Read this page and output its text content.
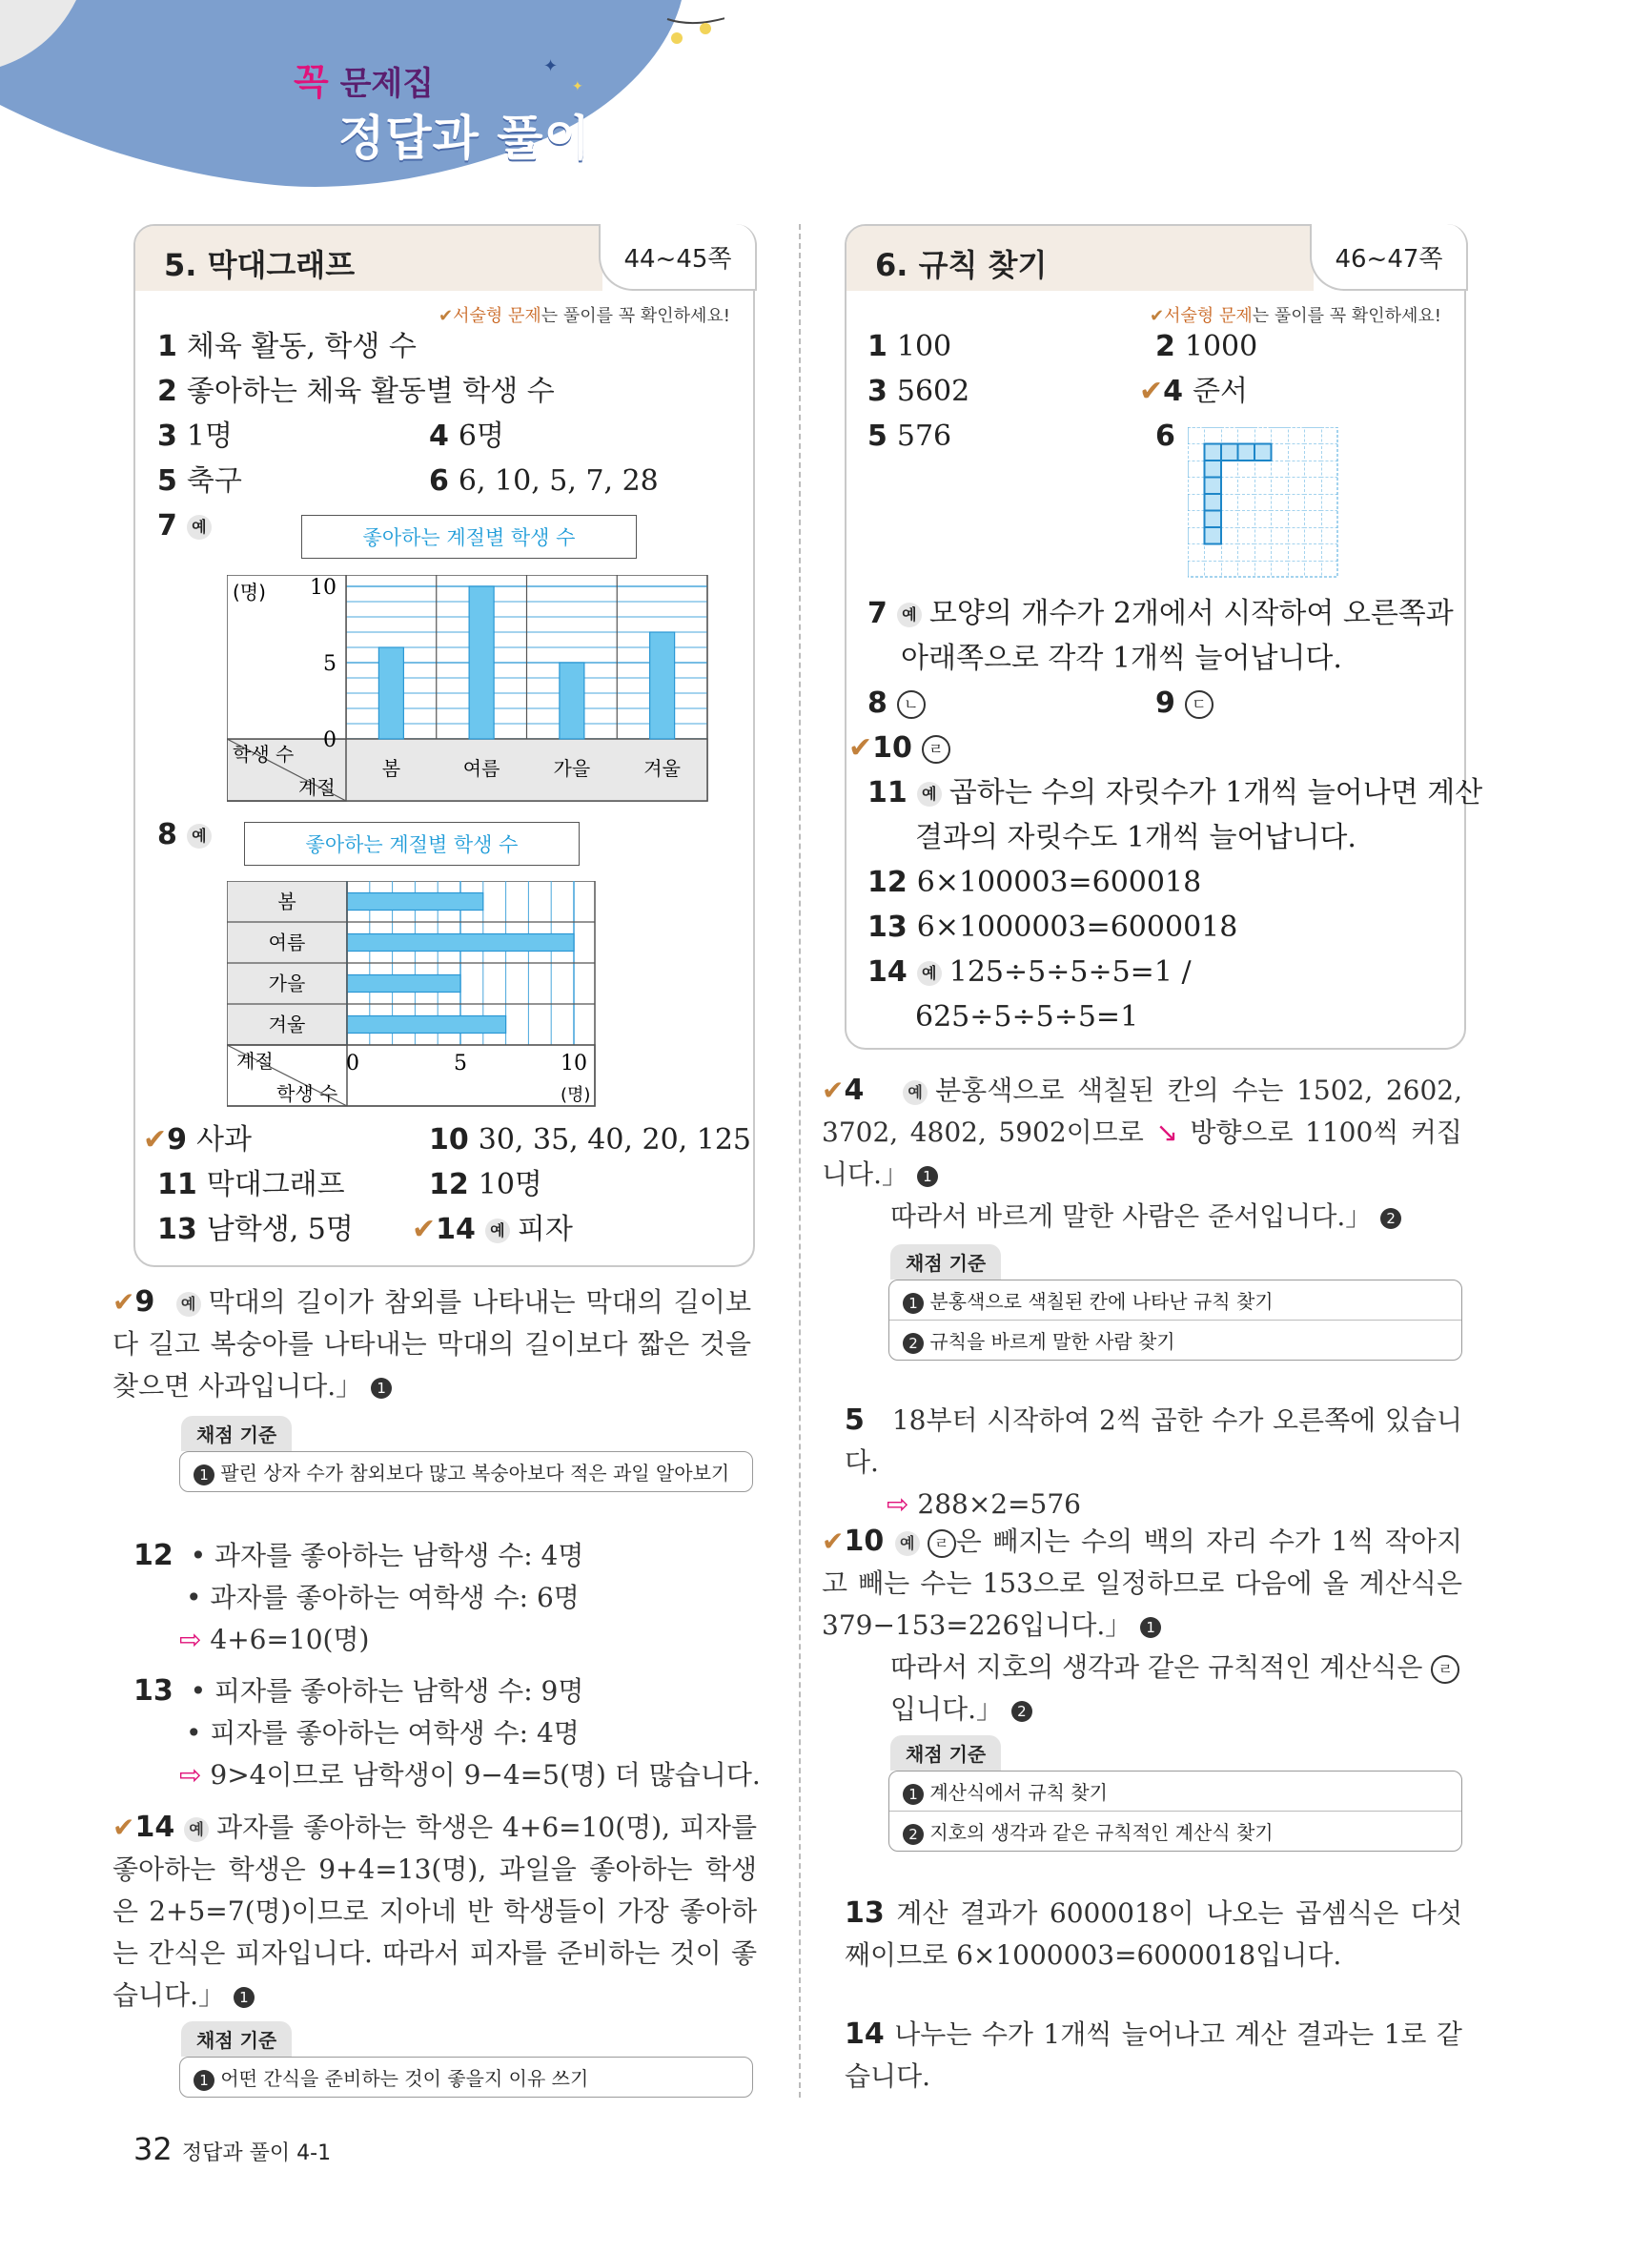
✦
✦
꼭 문제집
정답과 풀이
5. 막대그래프	44~45쪽
✔서술형 문제는 풀이를 꼭 확인하세요!
1 체육 활동, 학생 수
2 좋아하는 체육 활동별 학생 수
3 1명	4 6명
5 축구	6 6, 10, 5, 7, 28
7 예	좋아하는 계절별 학생 수
(명)
학생 수
계절
봄	여름	가을	겨울
0
5
10
8 예	좋아하는 계절별 학생 수
계절
학생 수	(명)
봄
여름
가을
겨울
0	5	10
✔9 사과	10 30, 35, 40, 20, 125
11 막대그래프	12 10명
13 남학생, 5명 ✔14 예 피자
✔9 예 막대의 길이가 참외를 나타내는 막대의 길이보다 길고 복숭아를 나타내는 막대의 길이보다 짧은 것을 찾으면 사과입니다.」 1
채점 기준
1 팔린 상자 수가 참외보다 많고 복숭아보다 적은 과일 알아보기
12 • 과자를 좋아하는 남학생 수: 4명
• 과자를 좋아하는 여학생 수: 6명
⇨ 4+6=10(명)
13 • 피자를 좋아하는 남학생 수: 9명
• 피자를 좋아하는 여학생 수: 4명
⇨ 9>4이므로 남학생이 9−4=5(명) 더 많습니다.
✔14 예 과자를 좋아하는 학생은 4+6=10(명), 피자를 좋아하는 학생은 9+4=13(명), 과일을 좋아하는 학생은 2+5=7(명)이므로 지아네 반 학생들이 가장 좋아하는 간식은 피자입니다. 따라서 피자를 준비하는 것이 좋습니다.」 1
채점 기준
1 어떤 간식을 준비하는 것이 좋을지 이유 쓰기
6. 규칙 찾기	46~47쪽
✔서술형 문제는 풀이를 꼭 확인하세요!
1 100	2 1000
3 5602	✔4 준서
5 576	6
7 예 모양의 개수가 2개에서 시작하여 오른쪽과
아래쪽으로 각각 1개씩 늘어납니다.
8 ㄴ	9 ㄷ
✔10 ㄹ
11 예 곱하는 수의 자릿수가 1개씩 늘어나면 계산
결과의 자릿수도 1개씩 늘어납니다.
12 6×100003=600018
13 6×1000003=6000018
14 예 125÷5÷5÷5=1 /
625÷5÷5÷5=1
✔4	예 분홍색으로 색칠된 칸의 수는 1502, 2602, 3702, 4802, 5902이므로 ↘ 방향으로 1100씩 커집니다.」 1
따라서 바르게 말한 사람은 준서입니다.」 2
채점 기준
1 분홍색으로 색칠된 칸에 나타난 규칙 찾기
2 규칙을 바르게 말한 사람 찾기
5 18부터 시작하여 2씩 곱한 수가 오른쪽에 있습니다.
⇨ 288×2=576
✔10 예 ㄹ 은 빼지는 수의 백의 자리 수가 1씩 작아지고 빼는 수는 153으로 일정하므로 다음에 올 계산식은 379−153=226입니다.」 1
따라서 지호의 생각과 같은 규칙적인 계산식은 ㄹ
입니다.」 2
채점 기준
1 계산식에서 규칙 찾기
2 지호의 생각과 같은 규칙적인 계산식 찾기
13 계산 결과가 6000018이 나오는 곱셈식은 다섯째이므로 6×1000003=6000018입니다.
14 나누는 수가 1개씩 늘어나고 계산 결과는 1로 같습니다.
32 정답과 풀이 4-1
